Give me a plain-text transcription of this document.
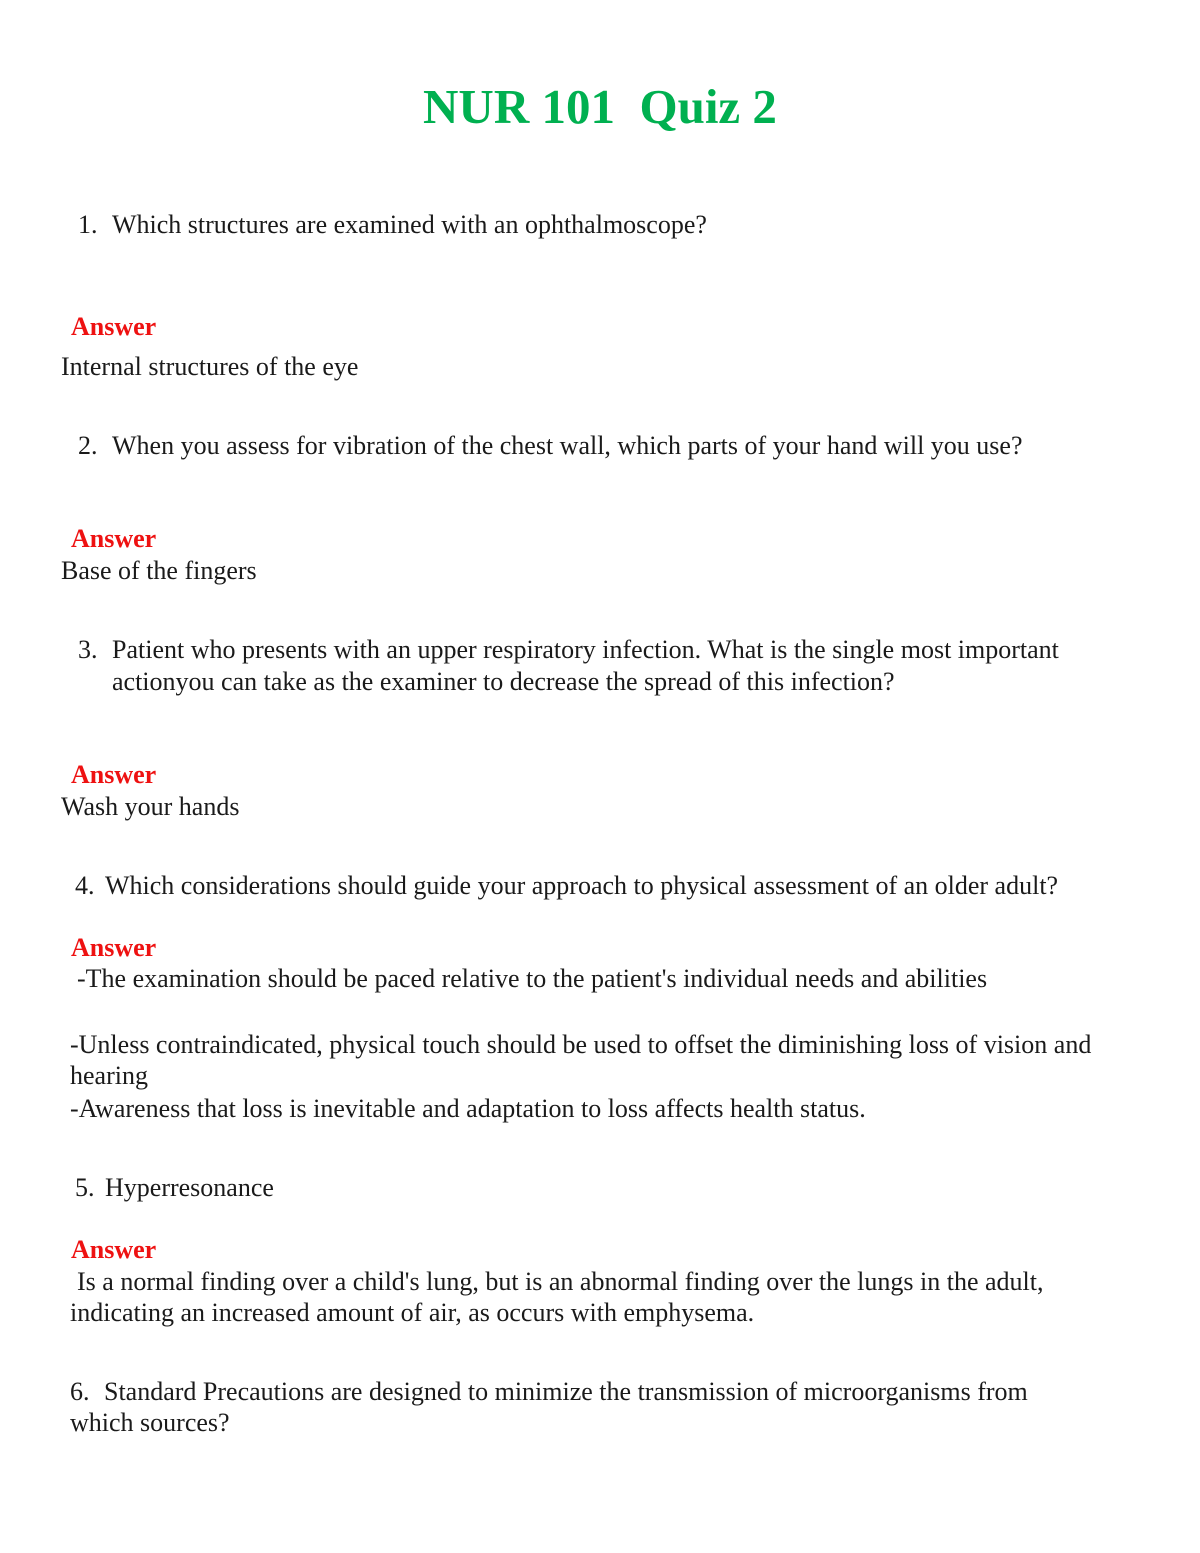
NUR 101  Quiz 2
1. Which structures are examined with an ophthalmoscope?
Answer
Internal structures of the eye
2. When you assess for vibration of the chest wall, which parts of your hand will you use?
Answer
Base of the fingers
3. Patient who presents with an upper respiratory infection. What is the single most important
actionyou can take as the examiner to decrease the spread of this infection?
Answer
Wash your hands
4. Which considerations should guide your approach to physical assessment of an older adult?
Answer
-The examination should be paced relative to the patient's individual needs and abilities
-Unless contraindicated, physical touch should be used to offset the diminishing loss of vision and
hearing
-Awareness that loss is inevitable and adaptation to loss affects health status.
5. Hyperresonance
Answer
Is a normal finding over a child's lung, but is an abnormal finding over the lungs in the adult,
indicating an increased amount of air, as occurs with emphysema.
6. Standard Precautions are designed to minimize the transmission of microorganisms from
which sources?
